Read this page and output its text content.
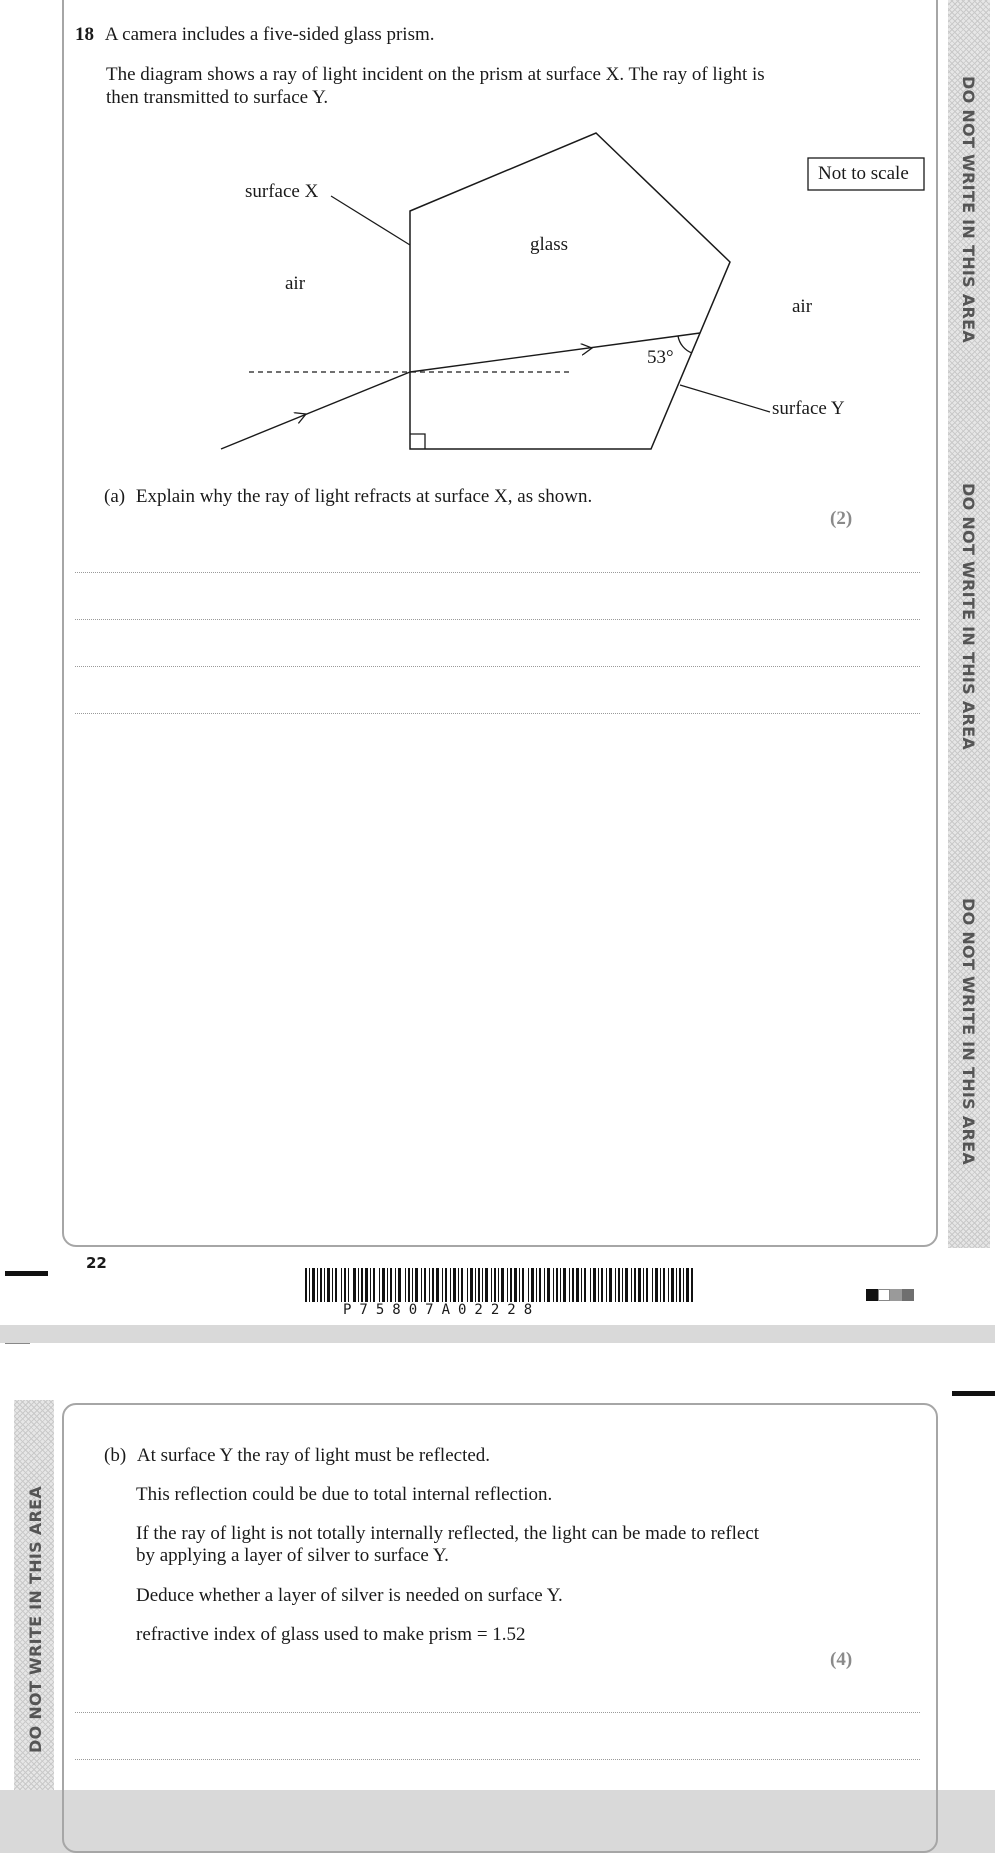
DO NOT WRITE IN THIS AREA
DO NOT WRITE IN THIS AREA
DO NOT WRITE IN THIS AREA
18 A camera includes a five-sided glass prism.
The diagram shows a ray of light incident on the prism at surface X. The ray of light is
then transmitted to surface Y.
Not to scale
surface X
air
glass
air
53°
surface Y
(a) Explain why the ray of light refracts at surface X, as shown.
(2)
22
P75807A02228
DO NOT WRITE IN THIS AREA
(b) At surface Y the ray of light must be reflected.
This reflection could be due to total internal reflection.
If the ray of light is not totally internally reflected, the light can be made to reflect
by applying a layer of silver to surface Y.
Deduce whether a layer of silver is needed on surface Y.
refractive index of glass used to make prism = 1.52
(4)
